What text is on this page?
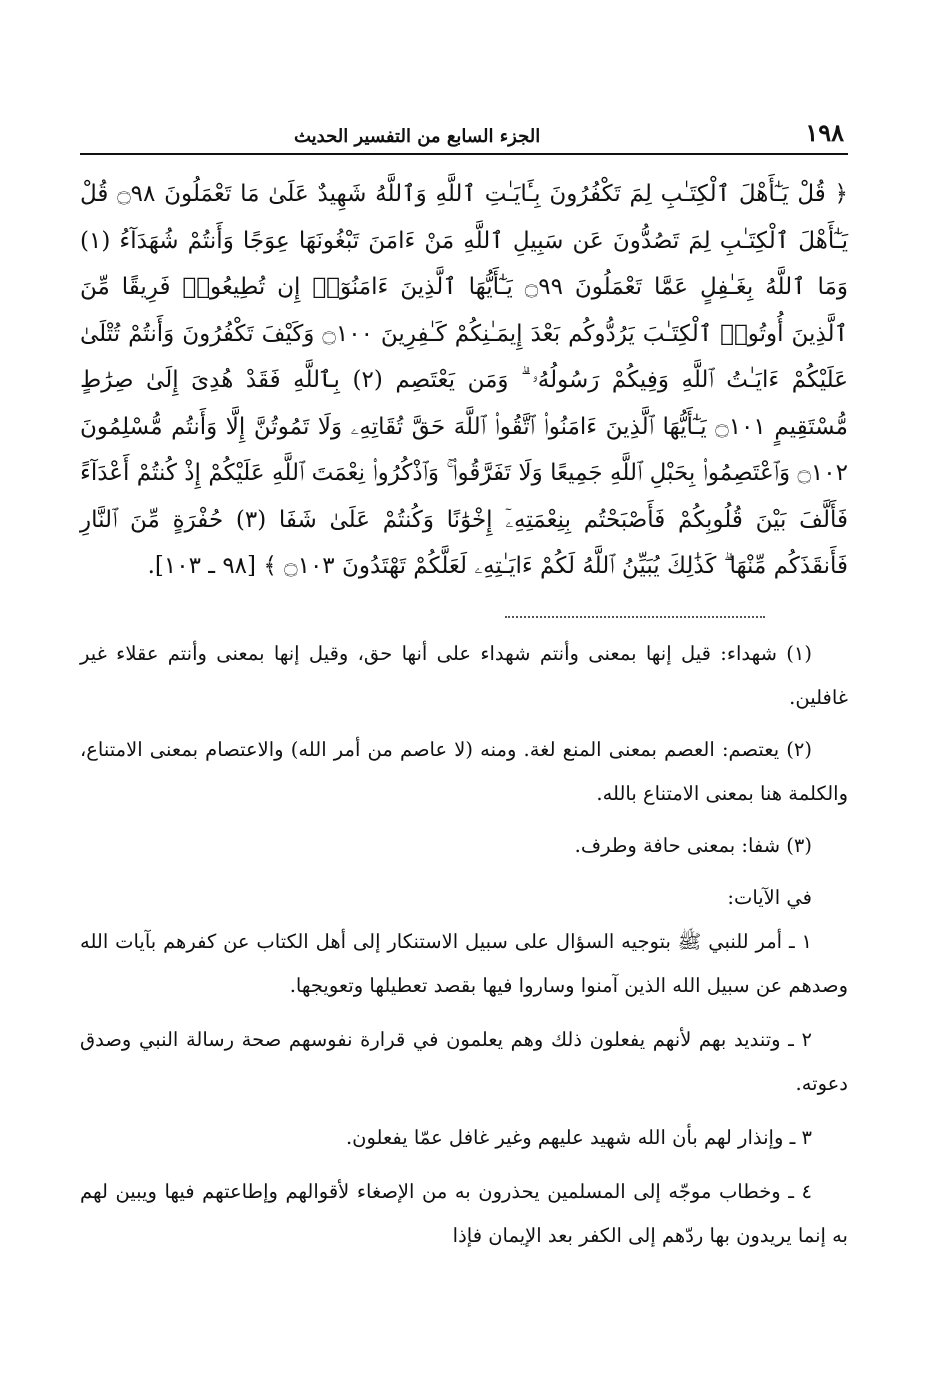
١٩٨
الجزء السابع من التفسير الحديث
﴿ قُلْ يَـٰٓأَهْلَ ٱلْكِتَـٰبِ لِمَ تَكْفُرُونَ بِـَٔايَـٰتِ ٱللَّهِ وَٱللَّهُ شَهِيدٌ عَلَىٰ مَا تَعْمَلُونَ ۝٩٨ قُلْ يَـٰٓأَهْلَ ٱلْكِتَـٰبِ لِمَ تَصُدُّونَ عَن سَبِيلِ ٱللَّهِ مَنْ ءَامَنَ تَبْغُونَهَا عِوَجًا وَأَنتُمْ شُهَدَآءُ (١) وَمَا ٱللَّهُ بِغَـٰفِلٍ عَمَّا تَعْمَلُونَ ۝٩٩ يَـٰٓأَيُّهَا ٱلَّذِينَ ءَامَنُوٓا۟ إِن تُطِيعُوا۟ فَرِيقًا مِّنَ ٱلَّذِينَ أُوتُوا۟ ٱلْكِتَـٰبَ يَرُدُّوكُم بَعْدَ إِيمَـٰنِكُمْ كَـٰفِرِينَ ۝١٠٠ وَكَيْفَ تَكْفُرُونَ وَأَنتُمْ تُتْلَىٰ عَلَيْكُمْ ءَايَـٰتُ ٱللَّهِ وَفِيكُمْ رَسُولُهُۥ ۗ وَمَن يَعْتَصِم (٢) بِٱللَّهِ فَقَدْ هُدِىَ إِلَىٰ صِرَٰطٍ مُّسْتَقِيمٍ ۝١٠١ يَـٰٓأَيُّهَا ٱلَّذِينَ ءَامَنُوا۟ ٱتَّقُوا۟ ٱللَّهَ حَقَّ تُقَاتِهِۦ وَلَا تَمُوتُنَّ إِلَّا وَأَنتُم مُّسْلِمُونَ ۝١٠٢ وَٱعْتَصِمُوا۟ بِحَبْلِ ٱللَّهِ جَمِيعًا وَلَا تَفَرَّقُوا۟ ۚ وَٱذْكُرُوا۟ نِعْمَتَ ٱللَّهِ عَلَيْكُمْ إِذْ كُنتُمْ أَعْدَآءً فَأَلَّفَ بَيْنَ قُلُوبِكُمْ فَأَصْبَحْتُم بِنِعْمَتِهِۦٓ إِخْوَٰنًا وَكُنتُمْ عَلَىٰ شَفَا (٣) حُفْرَةٍ مِّنَ ٱلنَّارِ فَأَنقَذَكُم مِّنْهَا ۗ كَذَٰلِكَ يُبَيِّنُ ٱللَّهُ لَكُمْ ءَايَـٰتِهِۦ لَعَلَّكُمْ تَهْتَدُونَ ۝١٠٣ ﴾ [٩٨ ـ ١٠٣].

(١) شهداء: قيل إنها بمعنى وأنتم شهداء على أنها حق، وقيل إنها بمعنى وأنتم عقلاء غير غافلين.

(٢) يعتصم: العصم بمعنى المنع لغة. ومنه (لا عاصم من أمر الله) والاعتصام بمعنى الامتناع، والكلمة هنا بمعنى الامتناع بالله.

(٣) شفا: بمعنى حافة وطرف.

في الآيات:

١ ـ أمر للنبي ﷺ بتوجيه السؤال على سبيل الاستنكار إلى أهل الكتاب عن كفرهم بآيات الله وصدهم عن سبيل الله الذين آمنوا وساروا فيها بقصد تعطيلها وتعويجها.

٢ ـ وتنديد بهم لأنهم يفعلون ذلك وهم يعلمون في قرارة نفوسهم صحة رسالة النبي وصدق دعوته.

٣ ـ وإنذار لهم بأن الله شهيد عليهم وغير غافل عمّا يفعلون.

٤ ـ وخطاب موجّه إلى المسلمين يحذرون به من الإصغاء لأقوالهم وإطاعتهم فيها ويبين لهم به إنما يريدون بها ردّهم إلى الكفر بعد الإيمان فإذا
